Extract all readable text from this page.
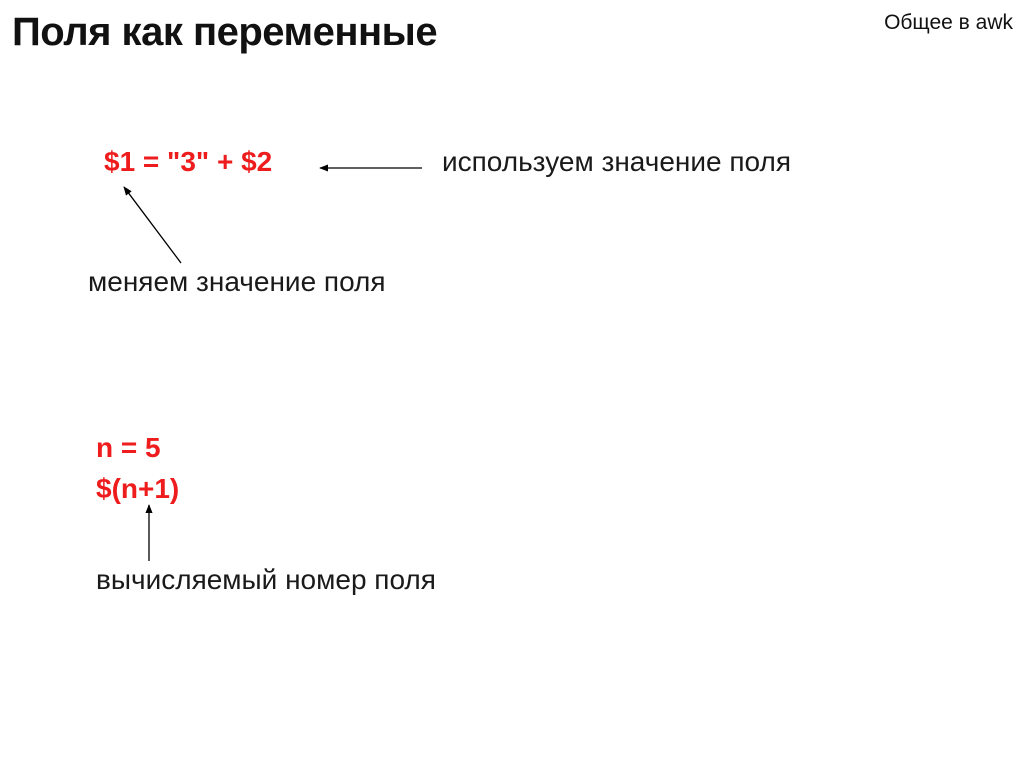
Поля как переменные	Общее в awk
$1 = "3" + $2	используем значение поля
меняем значение поля
n = 5
$(n+1)
вычисляемый номер поля
